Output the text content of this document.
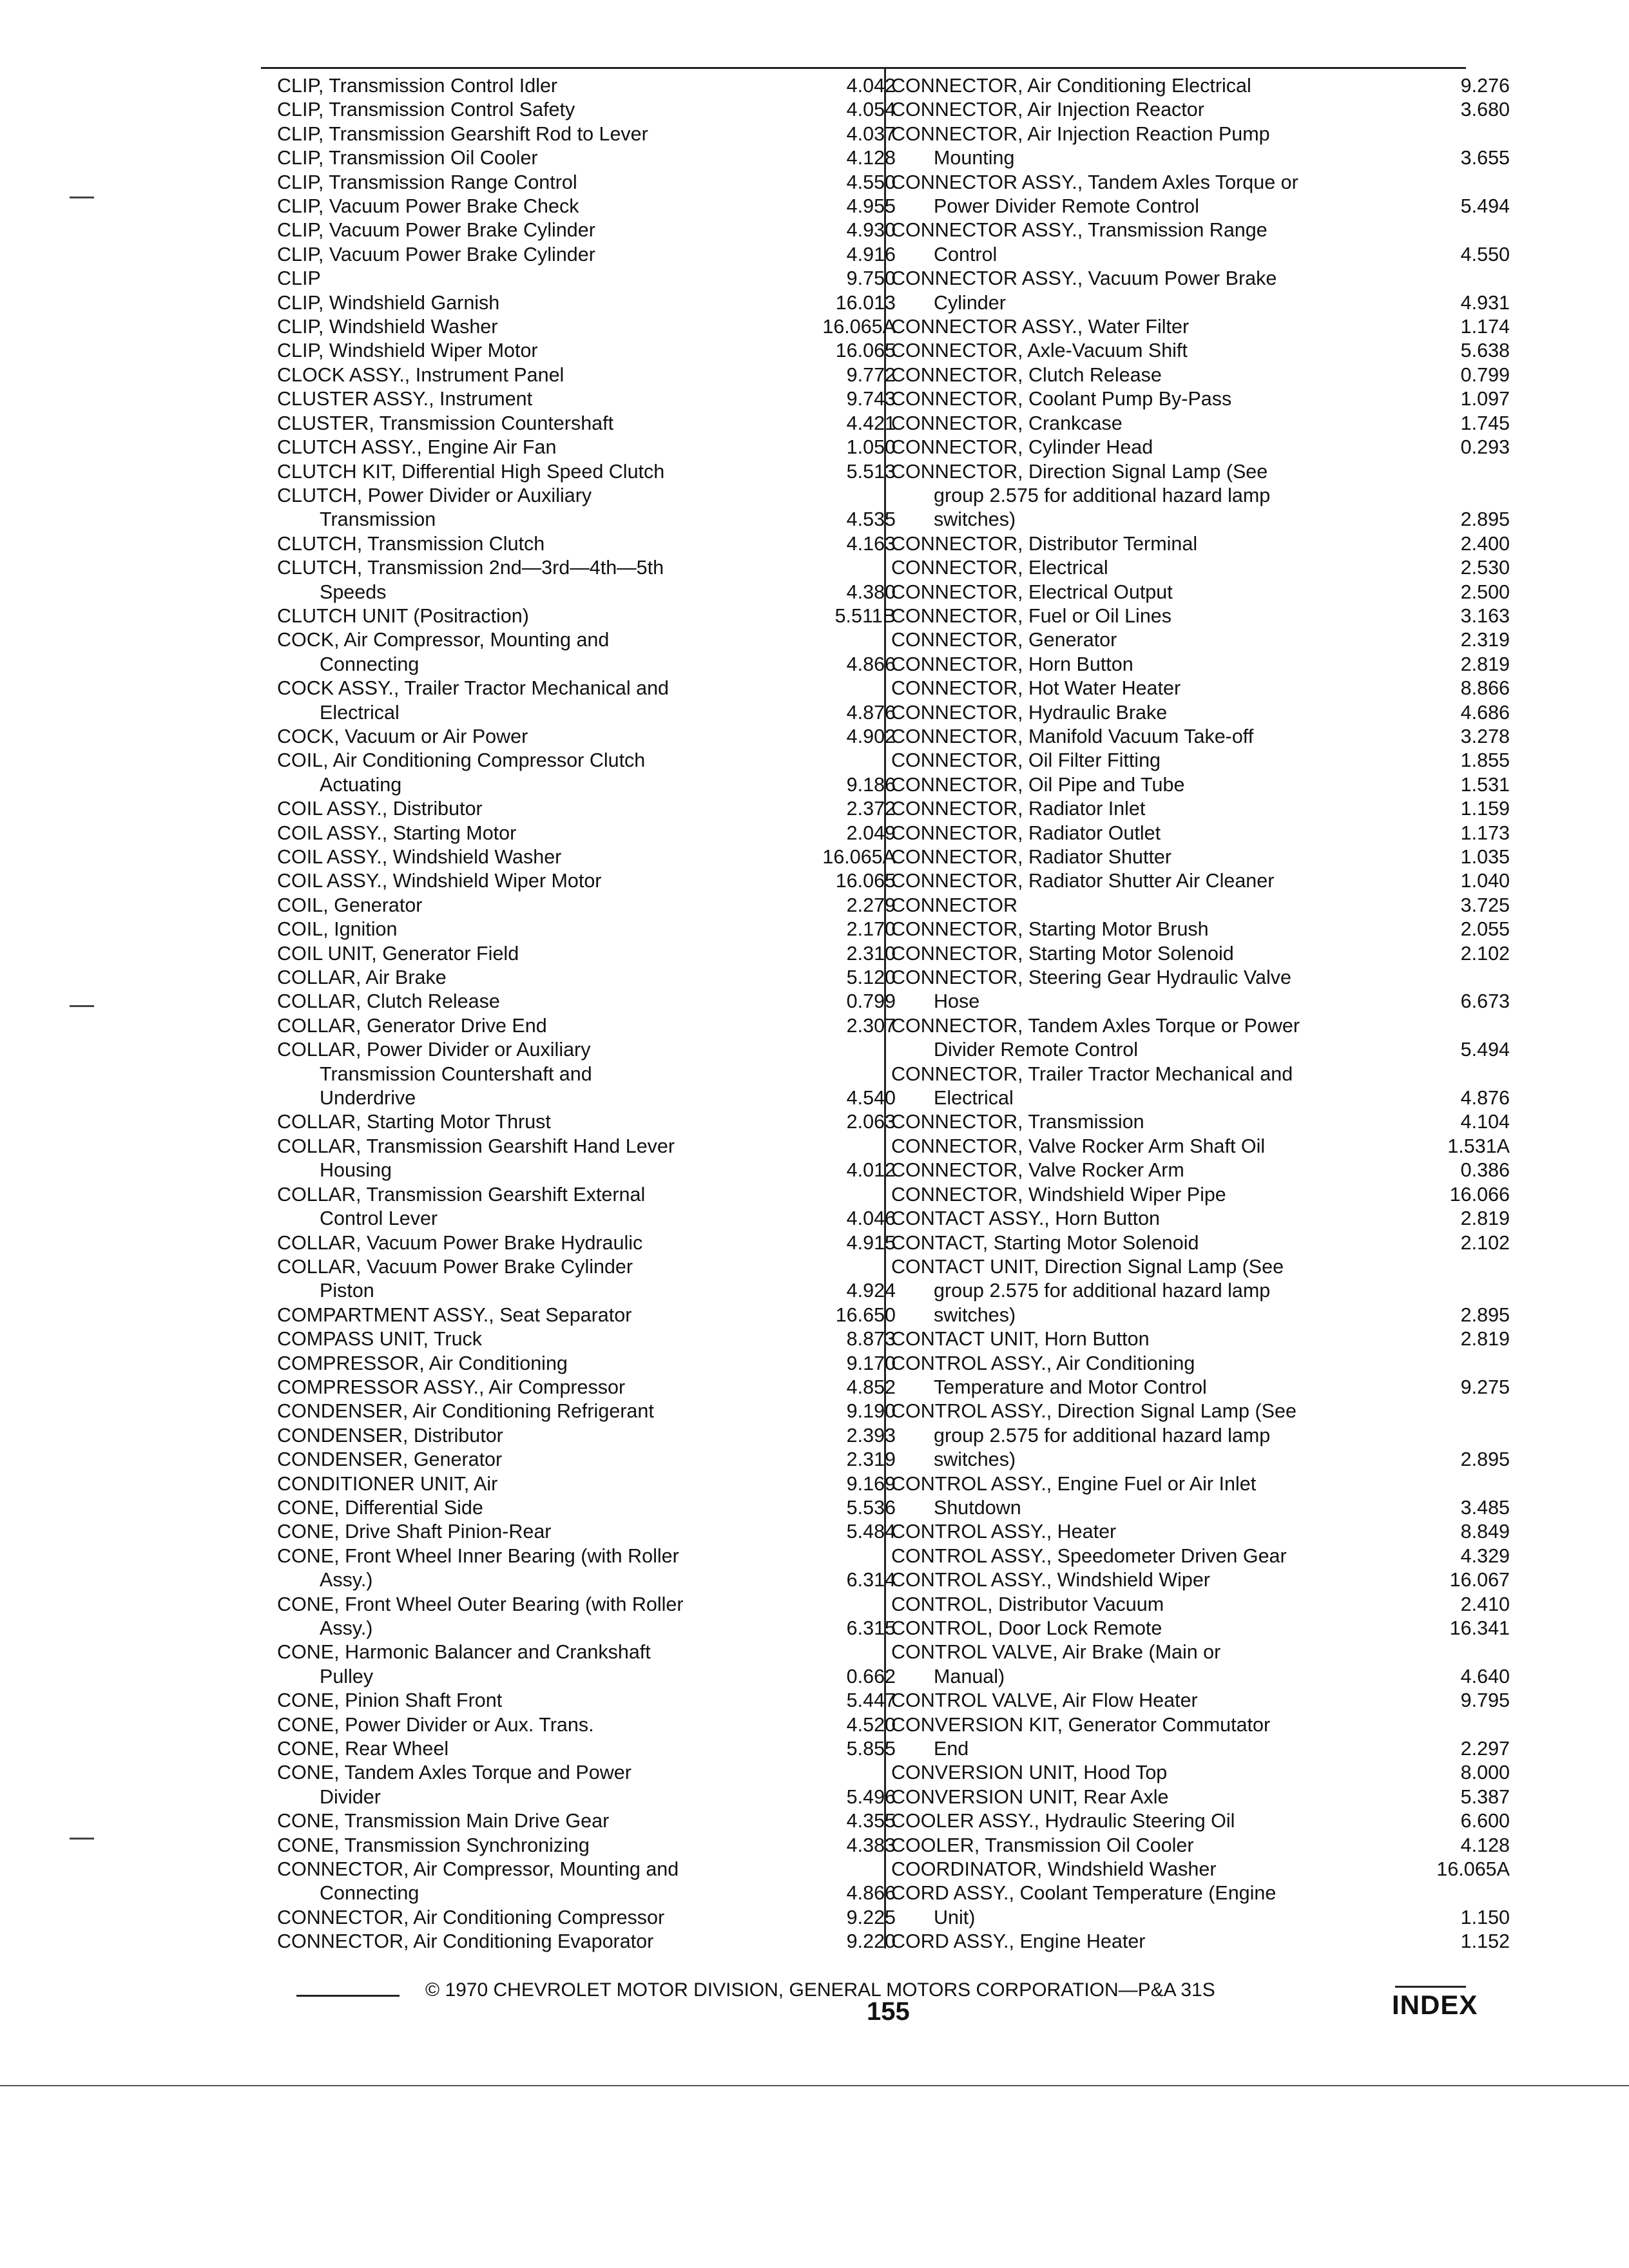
CLIP, Transmission Control Idler	4.042
CLIP, Transmission Control Safety	4.054
CLIP, Transmission Gearshift Rod to Lever	4.037
CLIP, Transmission Oil Cooler	4.128
CLIP, Transmission Range Control	4.550
CLIP, Vacuum Power Brake Check	4.955
CLIP, Vacuum Power Brake Cylinder	4.930
CLIP, Vacuum Power Brake Cylinder	4.916
CLIP	9.750
CLIP, Windshield Garnish	16.013
CLIP, Windshield Washer	16.065A
CLIP, Windshield Wiper Motor	16.065
CLOCK ASSY., Instrument Panel	9.772
CLUSTER ASSY., Instrument	9.743
CLUSTER, Transmission Countershaft	4.421
CLUTCH ASSY., Engine Air Fan	1.050
CLUTCH KIT, Differential High Speed Clutch	5.513
CLUTCH, Power Divider or Auxiliary
Transmission	4.535
CLUTCH, Transmission Clutch	4.163
CLUTCH, Transmission 2nd—3rd—4th—5th
Speeds	4.380
CLUTCH UNIT (Positraction)	5.511B
COCK, Air Compressor, Mounting and
Connecting	4.866
COCK ASSY., Trailer Tractor Mechanical and
Electrical	4.876
COCK, Vacuum or Air Power	4.902
COIL, Air Conditioning Compressor Clutch
Actuating	9.186
COIL ASSY., Distributor	2.372
COIL ASSY., Starting Motor	2.049
COIL ASSY., Windshield Washer	16.065A
COIL ASSY., Windshield Wiper Motor	16.065
COIL, Generator	2.279
COIL, Ignition	2.170
COIL UNIT, Generator Field	2.310
COLLAR, Air Brake	5.120
COLLAR, Clutch Release	0.799
COLLAR, Generator Drive End	2.307
COLLAR, Power Divider or Auxiliary
Transmission Countershaft and
Underdrive	4.540
COLLAR, Starting Motor Thrust	2.063
COLLAR, Transmission Gearshift Hand Lever
Housing	4.012
COLLAR, Transmission Gearshift External
Control Lever	4.046
COLLAR, Vacuum Power Brake Hydraulic	4.915
COLLAR, Vacuum Power Brake Cylinder
Piston	4.924
COMPARTMENT ASSY., Seat Separator	16.650
COMPASS UNIT, Truck	8.873
COMPRESSOR, Air Conditioning	9.170
COMPRESSOR ASSY., Air Compressor	4.852
CONDENSER, Air Conditioning Refrigerant	9.190
CONDENSER, Distributor	2.393
CONDENSER, Generator	2.319
CONDITIONER UNIT, Air	9.169
CONE, Differential Side	5.536
CONE, Drive Shaft Pinion-Rear	5.484
CONE, Front Wheel Inner Bearing (with Roller
Assy.)	6.314
CONE, Front Wheel Outer Bearing (with Roller
Assy.)	6.315
CONE, Harmonic Balancer and Crankshaft
Pulley	0.662
CONE, Pinion Shaft Front	5.447
CONE, Power Divider or Aux. Trans.	4.520
CONE, Rear Wheel	5.855
CONE, Tandem Axles Torque and Power
Divider	5.496
CONE, Transmission Main Drive Gear	4.355
CONE, Transmission Synchronizing	4.383
CONNECTOR, Air Compressor, Mounting and
Connecting	4.866
CONNECTOR, Air Conditioning Compressor	9.225
CONNECTOR, Air Conditioning Evaporator	9.220
CONNECTOR, Air Conditioning Electrical	9.276
CONNECTOR, Air Injection Reactor	3.680
CONNECTOR, Air Injection Reaction Pump
Mounting	3.655
CONNECTOR ASSY., Tandem Axles Torque or
Power Divider Remote Control	5.494
CONNECTOR ASSY., Transmission Range
Control	4.550
CONNECTOR ASSY., Vacuum Power Brake
Cylinder	4.931
CONNECTOR ASSY., Water Filter	1.174
CONNECTOR, Axle-Vacuum Shift	5.638
CONNECTOR, Clutch Release	0.799
CONNECTOR, Coolant Pump By-Pass	1.097
CONNECTOR, Crankcase	1.745
CONNECTOR, Cylinder Head	0.293
CONNECTOR, Direction Signal Lamp (See
group 2.575 for additional hazard lamp
switches)	2.895
CONNECTOR, Distributor Terminal	2.400
CONNECTOR, Electrical	2.530
CONNECTOR, Electrical Output	2.500
CONNECTOR, Fuel or Oil Lines	3.163
CONNECTOR, Generator	2.319
CONNECTOR, Horn Button	2.819
CONNECTOR, Hot Water Heater	8.866
CONNECTOR, Hydraulic Brake	4.686
CONNECTOR, Manifold Vacuum Take-off	3.278
CONNECTOR, Oil Filter Fitting	1.855
CONNECTOR, Oil Pipe and Tube	1.531
CONNECTOR, Radiator Inlet	1.159
CONNECTOR, Radiator Outlet	1.173
CONNECTOR, Radiator Shutter	1.035
CONNECTOR, Radiator Shutter Air Cleaner	1.040
CONNECTOR	3.725
CONNECTOR, Starting Motor Brush	2.055
CONNECTOR, Starting Motor Solenoid	2.102
CONNECTOR, Steering Gear Hydraulic Valve
Hose	6.673
CONNECTOR, Tandem Axles Torque or Power
Divider Remote Control	5.494
CONNECTOR, Trailer Tractor Mechanical and
Electrical	4.876
CONNECTOR, Transmission	4.104
CONNECTOR, Valve Rocker Arm Shaft Oil	1.531A
CONNECTOR, Valve Rocker Arm	0.386
CONNECTOR, Windshield Wiper Pipe	16.066
CONTACT ASSY., Horn Button	2.819
CONTACT, Starting Motor Solenoid	2.102
CONTACT UNIT, Direction Signal Lamp (See
group 2.575 for additional hazard lamp
switches)	2.895
CONTACT UNIT, Horn Button	2.819
CONTROL ASSY., Air Conditioning
Temperature and Motor Control	9.275
CONTROL ASSY., Direction Signal Lamp (See
group 2.575 for additional hazard lamp
switches)	2.895
CONTROL ASSY., Engine Fuel or Air Inlet
Shutdown	3.485
CONTROL ASSY., Heater	8.849
CONTROL ASSY., Speedometer Driven Gear	4.329
CONTROL ASSY., Windshield Wiper	16.067
CONTROL, Distributor Vacuum	2.410
CONTROL, Door Lock Remote	16.341
CONTROL VALVE, Air Brake (Main or
Manual)	4.640
CONTROL VALVE, Air Flow Heater	9.795
CONVERSION KIT, Generator Commutator
End	2.297
CONVERSION UNIT, Hood Top	8.000
CONVERSION UNIT, Rear Axle	5.387
COOLER ASSY., Hydraulic Steering Oil	6.600
COOLER, Transmission Oil Cooler	4.128
COORDINATOR, Windshield Washer	16.065A
CORD ASSY., Coolant Temperature (Engine
Unit)	1.150
CORD ASSY., Engine Heater	1.152
© 1970 CHEVROLET MOTOR DIVISION, GENERAL MOTORS CORPORATION—P&A 31S
155	INDEX
